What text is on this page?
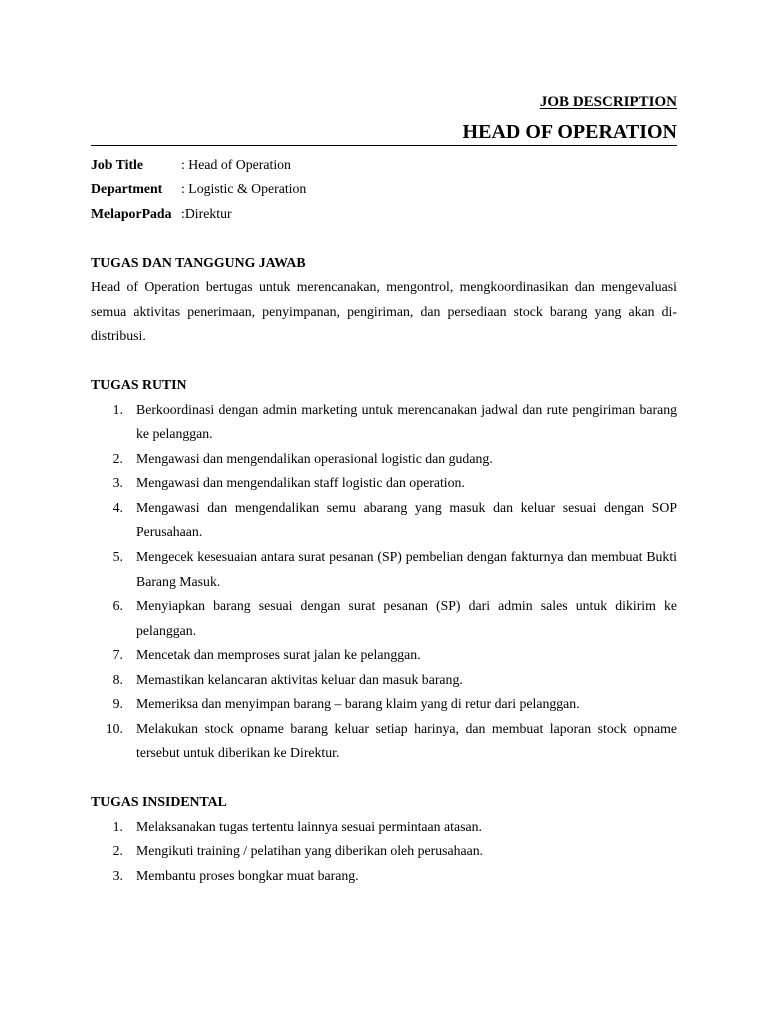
JOB DESCRIPTION
HEAD OF OPERATION
Job Title	: Head of Operation
Department	: Logistic & Operation
MelaporPada :Direktur
TUGAS DAN TANGGUNG JAWAB
Head of Operation bertugas untuk merencanakan, mengontrol, mengkoordinasikan dan mengevaluasi
semua aktivitas penerimaan, penyimpanan, pengiriman, dan persediaan stock barang yang akan di-
distribusi.
TUGAS RUTIN
1. Berkoordinasi dengan admin marketing untuk merencanakan jadwal dan rute pengiriman barang
ke pelanggan.
2. Mengawasi dan mengendalikan operasional logistic dan gudang.
3. Mengawasi dan mengendalikan staff logistic dan operation.
4. Mengawasi dan mengendalikan semu abarang yang masuk dan keluar sesuai dengan SOP
Perusahaan.
5. Mengecek kesesuaian antara surat pesanan (SP) pembelian dengan fakturnya dan membuat Bukti
Barang Masuk.
6. Menyiapkan barang sesuai dengan surat pesanan (SP) dari admin sales untuk dikirim ke
pelanggan.
7. Mencetak dan memproses surat jalan ke pelanggan.
8. Memastikan kelancaran aktivitas keluar dan masuk barang.
9. Memeriksa dan menyimpan barang – barang klaim yang di retur dari pelanggan.
10. Melakukan stock opname barang keluar setiap harinya, dan membuat laporan stock opname
tersebut untuk diberikan ke Direktur.
TUGAS INSIDENTAL
1. Melaksanakan tugas tertentu lainnya sesuai permintaan atasan.
2. Mengikuti training / pelatihan yang diberikan oleh perusahaan.
3. Membantu proses bongkar muat barang.
